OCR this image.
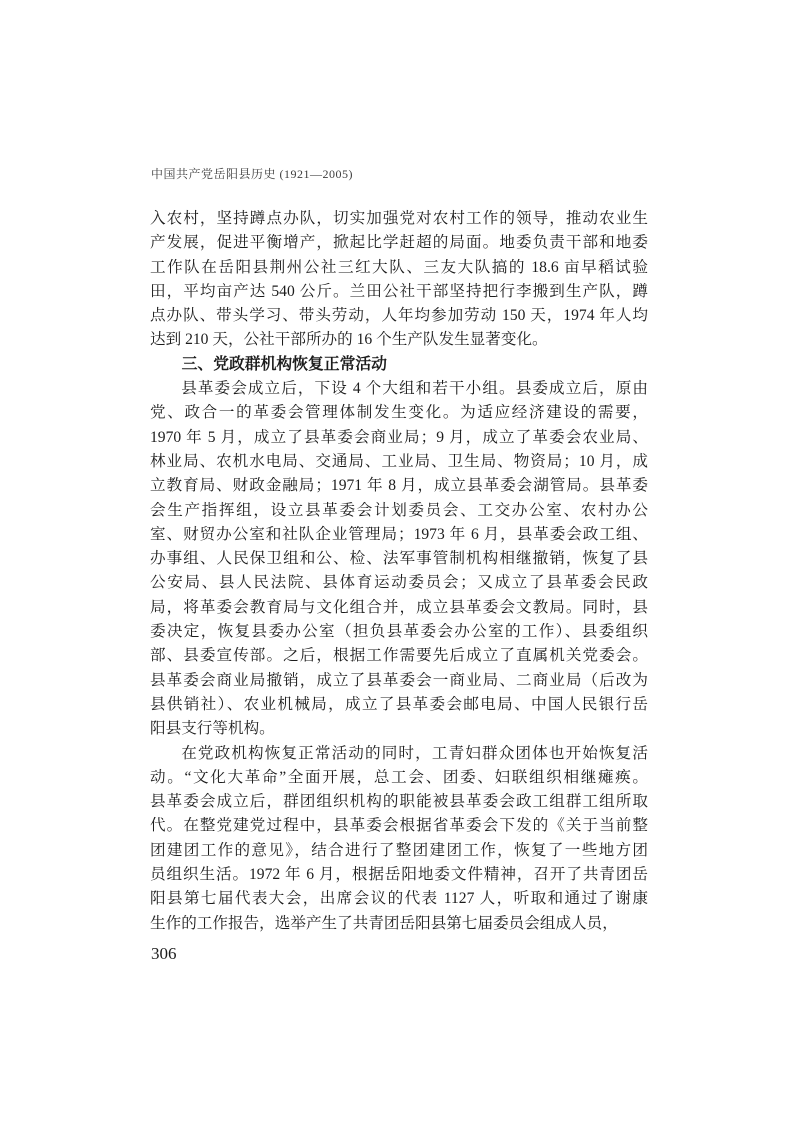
中国共产党岳阳县历史 (1921—2005)
入农村，坚持蹲点办队，切实加强党对农村工作的领导，推动农业生
产发展，促进平衡增产，掀起比学赶超的局面。地委负责干部和地委
工作队在岳阳县荆州公社三红大队、三友大队搞的 18.6 亩早稻试验
田，平均亩产达 540 公斤。兰田公社干部坚持把行李搬到生产队，蹲
点办队、带头学习、带头劳动，人年均参加劳动 150 天，1974 年人均
达到 210 天，公社干部所办的 16 个生产队发生显著变化。
三、党政群机构恢复正常活动
县革委会成立后，下设 4 个大组和若干小组。县委成立后，原由
党、政合一的革委会管理体制发生变化。为适应经济建设的需要，
1970 年 5 月，成立了县革委会商业局；9 月，成立了革委会农业局、
林业局、农机水电局、交通局、工业局、卫生局、物资局；10 月，成
立教育局、财政金融局；1971 年 8 月，成立县革委会湖管局。县革委
会生产指挥组，设立县革委会计划委员会、工交办公室、农村办公
室、财贸办公室和社队企业管理局；1973 年 6 月，县革委会政工组、
办事组、人民保卫组和公、检、法军事管制机构相继撤销，恢复了县
公安局、县人民法院、县体育运动委员会；又成立了县革委会民政
局，将革委会教育局与文化组合并，成立县革委会文教局。同时，县
委决定，恢复县委办公室（担负县革委会办公室的工作）、县委组织
部、县委宣传部。之后，根据工作需要先后成立了直属机关党委会。
县革委会商业局撤销，成立了县革委会一商业局、二商业局（后改为
县供销社）、农业机械局，成立了县革委会邮电局、中国人民银行岳
阳县支行等机构。
在党政机构恢复正常活动的同时，工青妇群众团体也开始恢复活
动。“文化大革命”全面开展，总工会、团委、妇联组织相继瘫痪。
县革委会成立后，群团组织机构的职能被县革委会政工组群工组所取
代。在整党建党过程中，县革委会根据省革委会下发的《关于当前整
团建团工作的意见》，结合进行了整团建团工作，恢复了一些地方团
员组织生活。1972 年 6 月，根据岳阳地委文件精神，召开了共青团岳
阳县第七届代表大会，出席会议的代表 1127 人，听取和通过了谢康
生作的工作报告，选举产生了共青团岳阳县第七届委员会组成人员，
306
